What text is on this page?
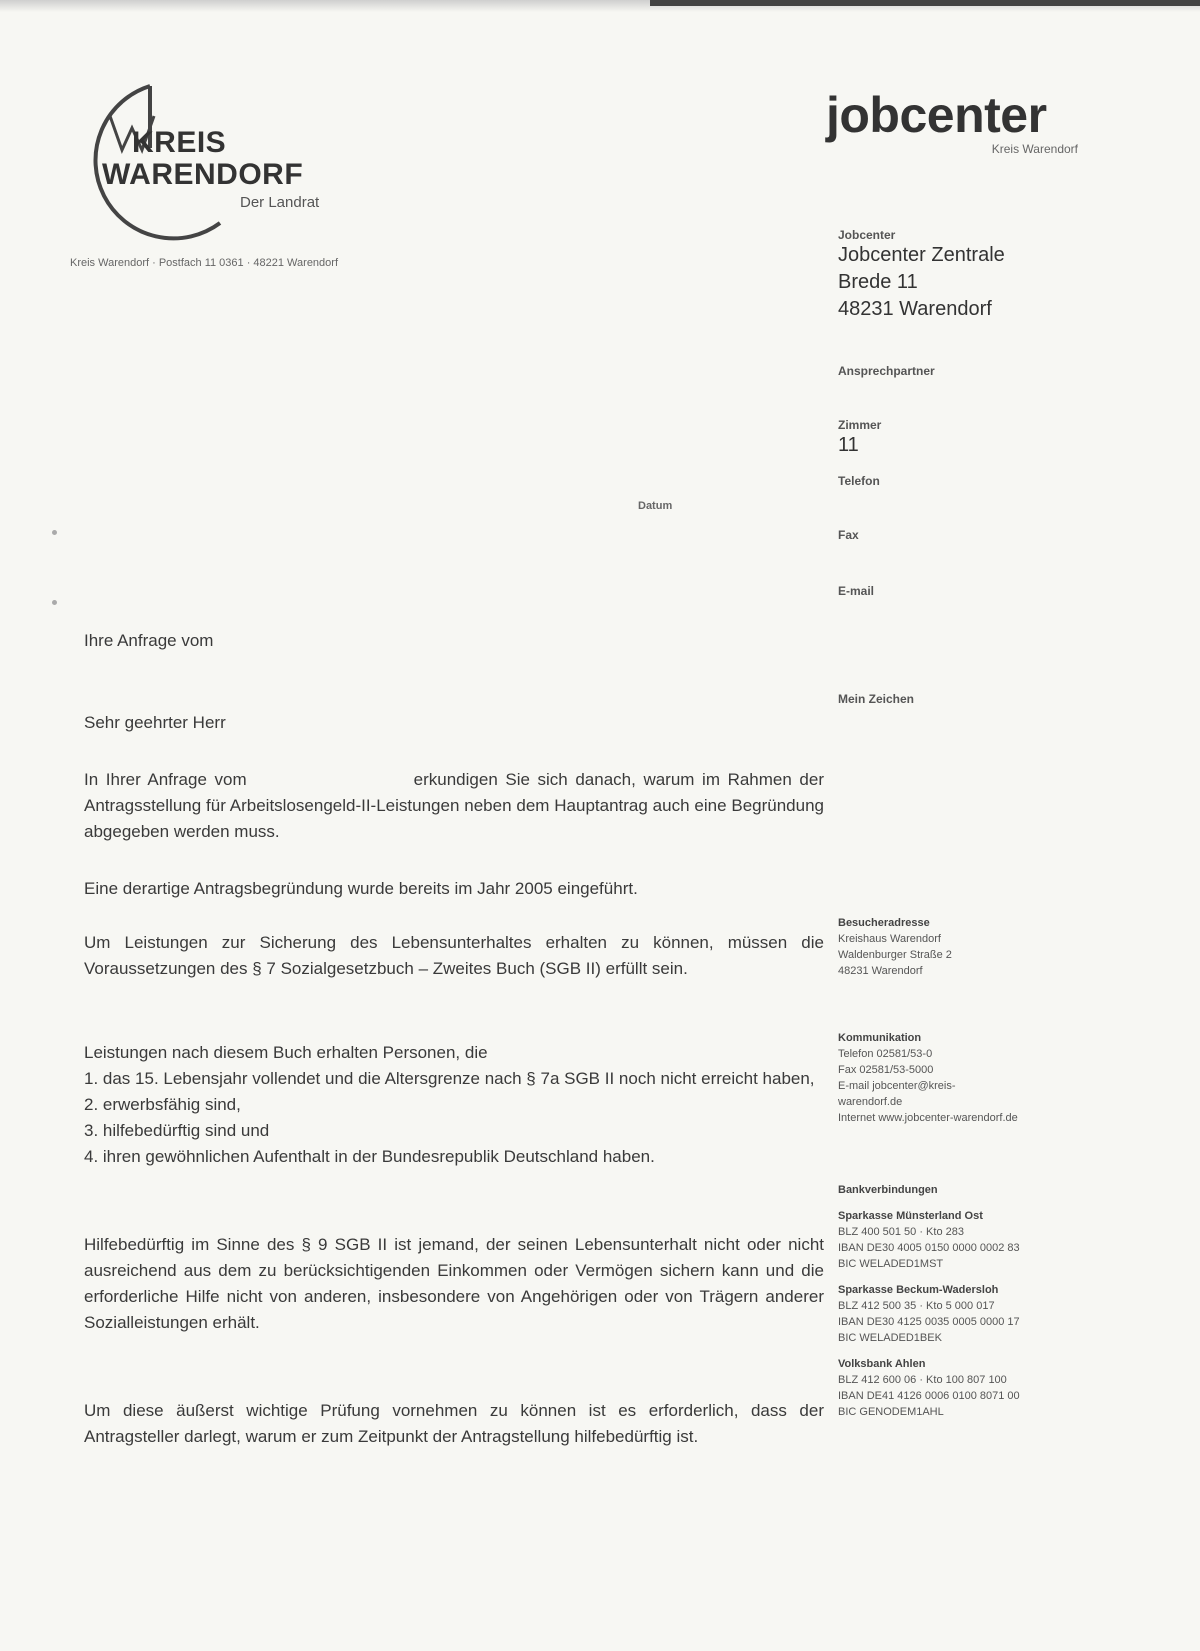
KREIS
WARENDORF
Der Landrat
jobcenter
Kreis Warendorf
Kreis Warendorf · Postfach 11 0361 · 48221 Warendorf
Jobcenter
Jobcenter Zentrale
Brede 11
48231 Warendorf
Ansprechpartner
Zimmer
11
Telefon
Datum
Fax
E-mail
Mein Zeichen
Ihre Anfrage vom
Sehr geehrter Herr
In Ihrer Anfrage vom                      erkundigen Sie sich danach, warum im Rahmen der Antragsstellung für Arbeitslosengeld-II-Leistungen neben dem Hauptantrag auch eine Begründung abgegeben werden muss.
Eine derartige Antragsbegründung wurde bereits im Jahr 2005 eingeführt.
Um Leistungen zur Sicherung des Lebensunterhaltes erhalten zu können, müssen die Voraussetzungen des § 7 Sozialgesetzbuch – Zweites Buch (SGB II) erfüllt sein.
Leistungen nach diesem Buch erhalten Personen, die
1. das 15. Lebensjahr vollendet und die Altersgrenze nach § 7a SGB II noch nicht erreicht haben,
2. erwerbsfähig sind,
3. hilfebedürftig sind und
4. ihren gewöhnlichen Aufenthalt in der Bundesrepublik Deutschland haben.
Hilfebedürftig im Sinne des § 9 SGB II ist jemand, der seinen Lebensunterhalt nicht oder nicht ausreichend aus dem zu berücksichtigenden Einkommen oder Vermögen sichern kann und die erforderliche Hilfe nicht von anderen, insbesondere von Angehörigen oder von Trägern anderer Sozialleistungen erhält.
Um diese äußerst wichtige Prüfung vornehmen zu können ist es erforderlich, dass der Antragsteller darlegt, warum er zum Zeitpunkt der Antragstellung hilfebedürftig ist.
Besucheradresse
Kreishaus Warendorf
Waldenburger Straße 2
48231 Warendorf
Kommunikation
Telefon 02581/53-0
Fax 02581/53-5000
E-mail jobcenter@kreis-
warendorf.de
Internet www.jobcenter-warendorf.de
Bankverbindungen
Sparkasse Münsterland Ost
BLZ 400 501 50 · Kto 283
IBAN DE30 4005 0150 0000 0002 83
BIC WELADED1MST
Sparkasse Beckum-Wadersloh
BLZ 412 500 35 · Kto 5 000 017
IBAN DE30 4125 0035 0005 0000 17
BIC WELADED1BEK
Volksbank Ahlen
BLZ 412 600 06 · Kto 100 807 100
IBAN DE41 4126 0006 0100 8071 00
BIC GENODEM1AHL
